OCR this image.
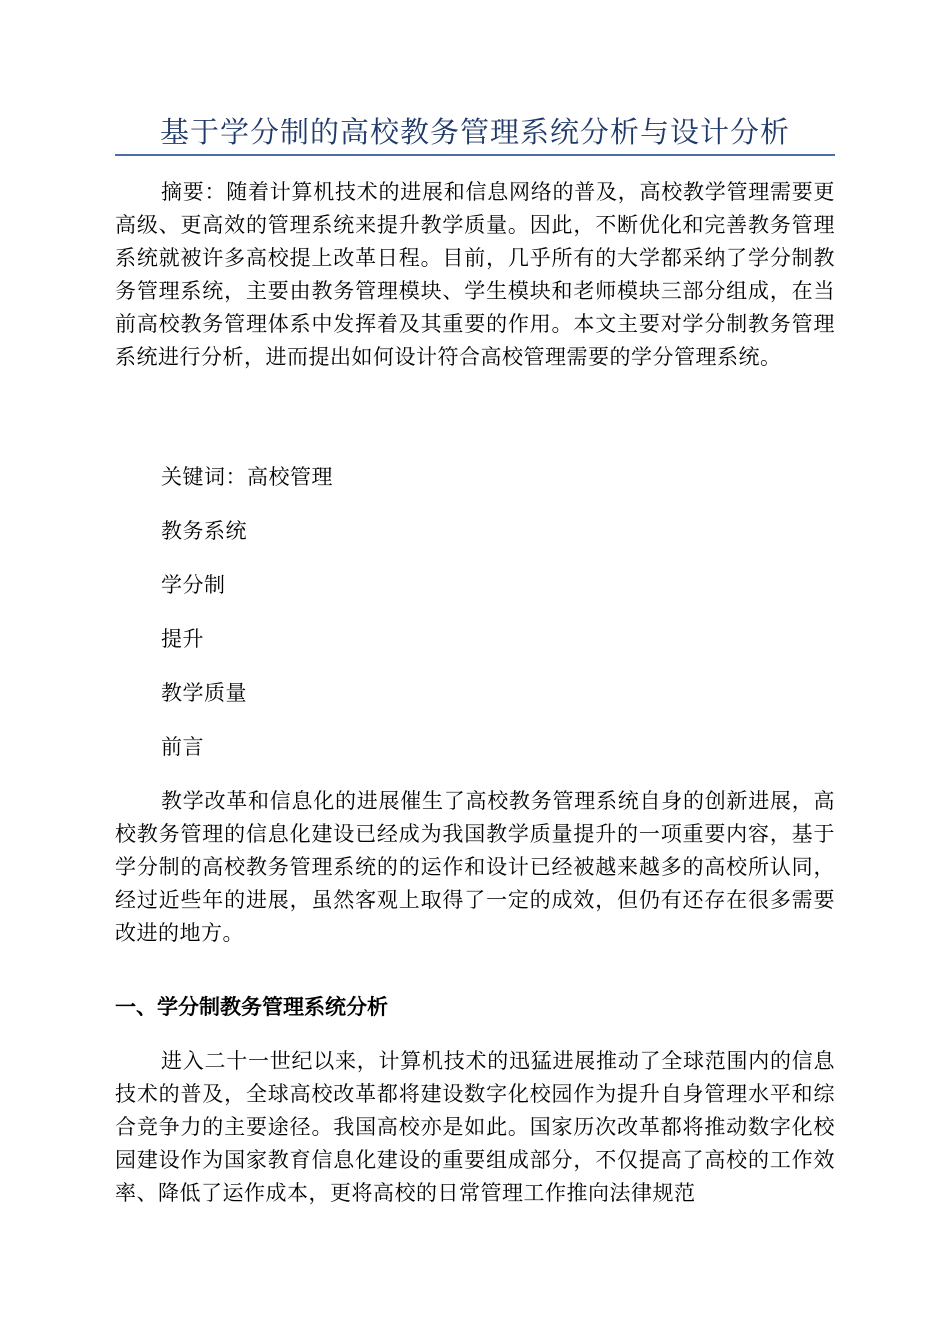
基于学分制的高校教务管理系统分析与设计分析

摘要：随着计算机技术的进展和信息网络的普及，高校教学管理需要更高级、更高效的管理系统来提升教学质量。因此，不断优化和完善教务管理系统就被许多高校提上改革日程。目前，几乎所有的大学都采纳了学分制教务管理系统，主要由教务管理模块、学生模块和老师模块三部分组成，在当前高校教务管理体系中发挥着及其重要的作用。本文主要对学分制教务管理系统进行分析，进而提出如何设计符合高校管理需要的学分管理系统。

关键词：高校管理

教务系统

学分制

提升

教学质量

前言

教学改革和信息化的进展催生了高校教务管理系统自身的创新进展，高校教务管理的信息化建设已经成为我国教学质量提升的一项重要内容，基于学分制的高校教务管理系统的的运作和设计已经被越来越多的高校所认同，经过近些年的进展，虽然客观上取得了一定的成效，但仍有还存在很多需要改进的地方。

一、学分制教务管理系统分析

进入二十一世纪以来，计算机技术的迅猛进展推动了全球范围内的信息技术的普及，全球高校改革都将建设数字化校园作为提升自身管理水平和综合竞争力的主要途径。我国高校亦是如此。国家历次改革都将推动数字化校园建设作为国家教育信息化建设的重要组成部分，不仅提高了高校的工作效率、降低了运作成本，更将高校的日常管理工作推向法律规范
